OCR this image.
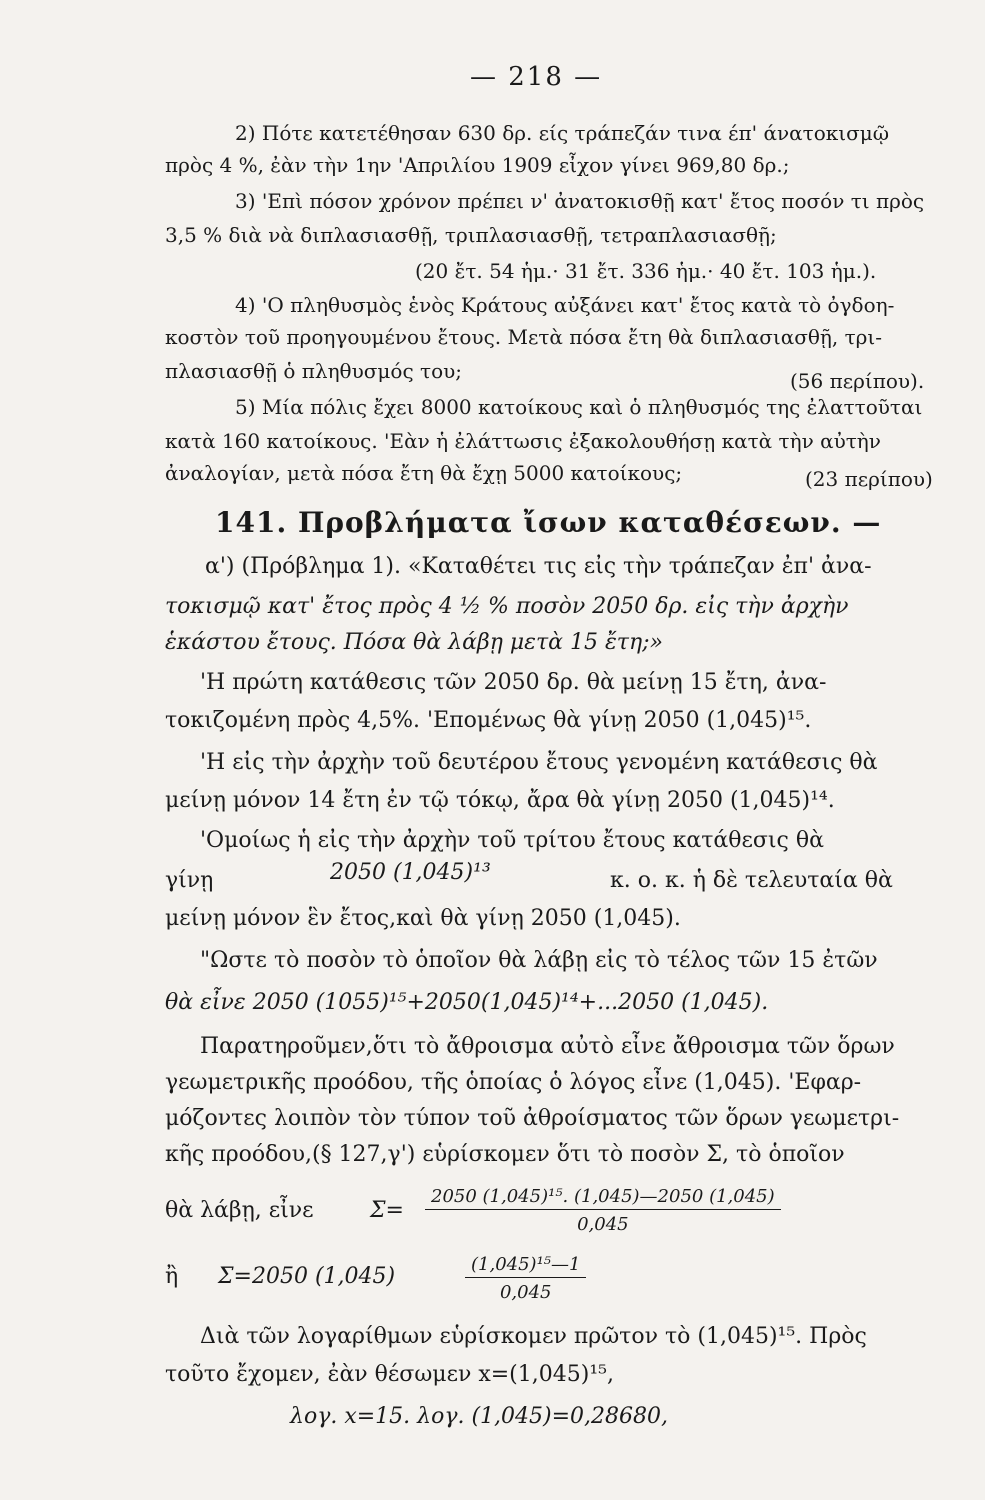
— 218 —
2) Πότε κατετέθησαν 630 δρ. είς τράπεζάν τινα έπ' άνατοκισμῷ
πρὸς 4 %, ἐὰν τὴν 1ην 'Απριλίου 1909 εἶχον γίνει 969,80 δρ.;
3) 'Επὶ πόσον χρόνον πρέπει ν' ἀνατοκισθῇ κατ' ἔτος ποσόν τι πρὸς
3,5 % διὰ νὰ διπλασιασθῇ, τριπλασιασθῇ, τετραπλασιασθῇ;
(20 ἔτ. 54 ἡμ.· 31 ἔτ. 336 ἡμ.· 40 ἔτ. 103 ἡμ.).
4) 'Ο πληθυσμὸς ἑνὸς Κράτους αὐξάνει κατ' ἔτος κατὰ τὸ ὀγδοη-
κοστὸν τοῦ προηγουμένου ἔτους. Μετὰ πόσα ἔτη θὰ διπλασιασθῇ, τρι-
πλασιασθῇ ὁ πληθυσμός του;	(56 περίπου).
5) Μία πόλις ἔχει 8000 κατοίκους καὶ ὁ πληθυσμός της ἐλαττοῦται
κατὰ 160 κατοίκους. 'Εὰν ἡ ἐλάττωσις ἐξακολουθήσῃ κατὰ τὴν αὐτὴν
ἀναλογίαν, μετὰ πόσα ἔτη θὰ ἔχῃ 5000 κατοίκους;	(23 περίπου)
141. Προβλήματα ἴσων καταθέσεων. —
α') (Πρόβλημα 1). «Καταθέτει τις εἰς τὴν τράπεζαν ἐπ' ἀνα-
τοκισμῷ κατ' ἔτος πρὸς 4 ½ % ποσὸν 2050 δρ. εἰς τὴν ἀρχὴν
ἑκάστου ἔτους. Πόσα θὰ λάβῃ μετὰ 15 ἔτη;»
'Η πρώτη κατάθεσις τῶν 2050 δρ. θὰ μείνῃ 15 ἔτη, ἀνα-
τοκιζομένη πρὸς 4,5%. 'Επομένως θὰ γίνῃ 2050 (1,045)¹⁵.
'Η εἰς τὴν ἀρχὴν τοῦ δευτέρου ἔτους γενομένη κατάθεσις θὰ
μείνῃ μόνον 14 ἔτη ἐν τῷ τόκῳ, ἄρα θὰ γίνῃ 2050 (1,045)¹⁴.
'Ομοίως ἡ εἰς τὴν ἀρχὴν τοῦ τρίτου ἔτους κατάθεσις θὰ
γίνῃ	2050 (1,045)¹³	κ. ο. κ. ἡ δὲ τελευταία θὰ
μείνῃ μόνον ἓν ἔτος,καὶ θὰ γίνῃ 2050 (1,045).
"Ωστε τὸ ποσὸν τὸ ὁποῖον θὰ λάβῃ εἰς τὸ τέλος τῶν 15 ἐτῶν
θὰ εἶνε 2050 (1055)¹⁵+2050(1,045)¹⁴+...2050 (1,045).
Παρατηροῦμεν,ὅτι τὸ ἄθροισμα αὐτὸ εἶνε ἄθροισμα τῶν ὅρων
γεωμετρικῆς προόδου, τῆς ὁποίας ὁ λόγος εἶνε (1,045). 'Εφαρ-
μόζοντες λοιπὸν τὸν τύπον τοῦ ἀθροίσματος τῶν ὅρων γεωμετρι-
κῆς προόδου,(§ 127,γ') εὑρίσκομεν ὅτι τὸ ποσὸν Σ, τὸ ὁποῖον
θὰ λάβῃ, εἶνε	$\Sigma= \frac{\text{2050 (1,045)¹⁵. (1,045)—2050 (1,045)}}{0,045}$
ἢ Σ=2050 (1,045)	$\frac{\text{(1,045)¹⁵—1}}{0,045}$
Διὰ τῶν λογαρίθμων εὑρίσκομεν πρῶτον τὸ (1,045)¹⁵. Πρὸς
τοῦτο ἔχομεν, ἐὰν θέσωμεν x=(1,045)¹⁵,
λογ. x=15. λογ. (1,045)=0,28680,
